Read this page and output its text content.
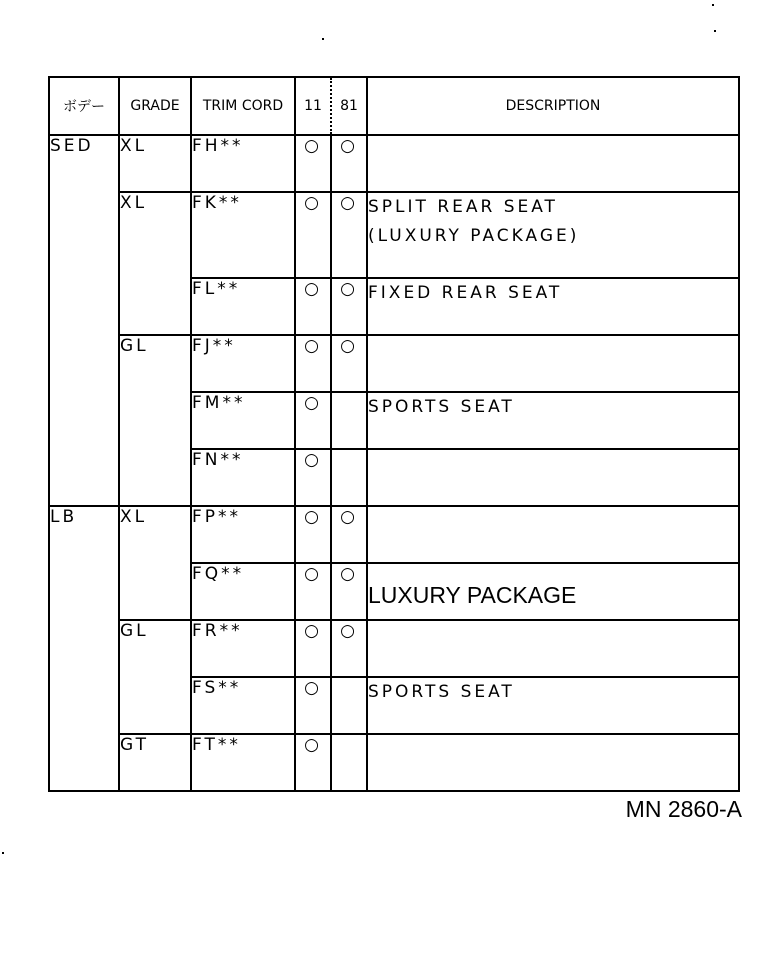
ボデー	GRADE	TRIM CORD	11	81	DESCRIPTION
SED	XL	FH**	○	○	
	XL	FK**	○	○	SPLIT REAR SEAT
(LUXURY PACKAGE)
		FL**	○	○	FIXED REAR SEAT
	GL	FJ**	○	○	
		FM**	○		SPORTS SEAT
		FN**	○		
LB	XL	FP**	○	○	
		FQ**	○	○	LUXURY PACKAGE
	GL	FR**	○	○	
		FS**	○		SPORTS SEAT
	GT	FT**	○		
MN 2860-A
